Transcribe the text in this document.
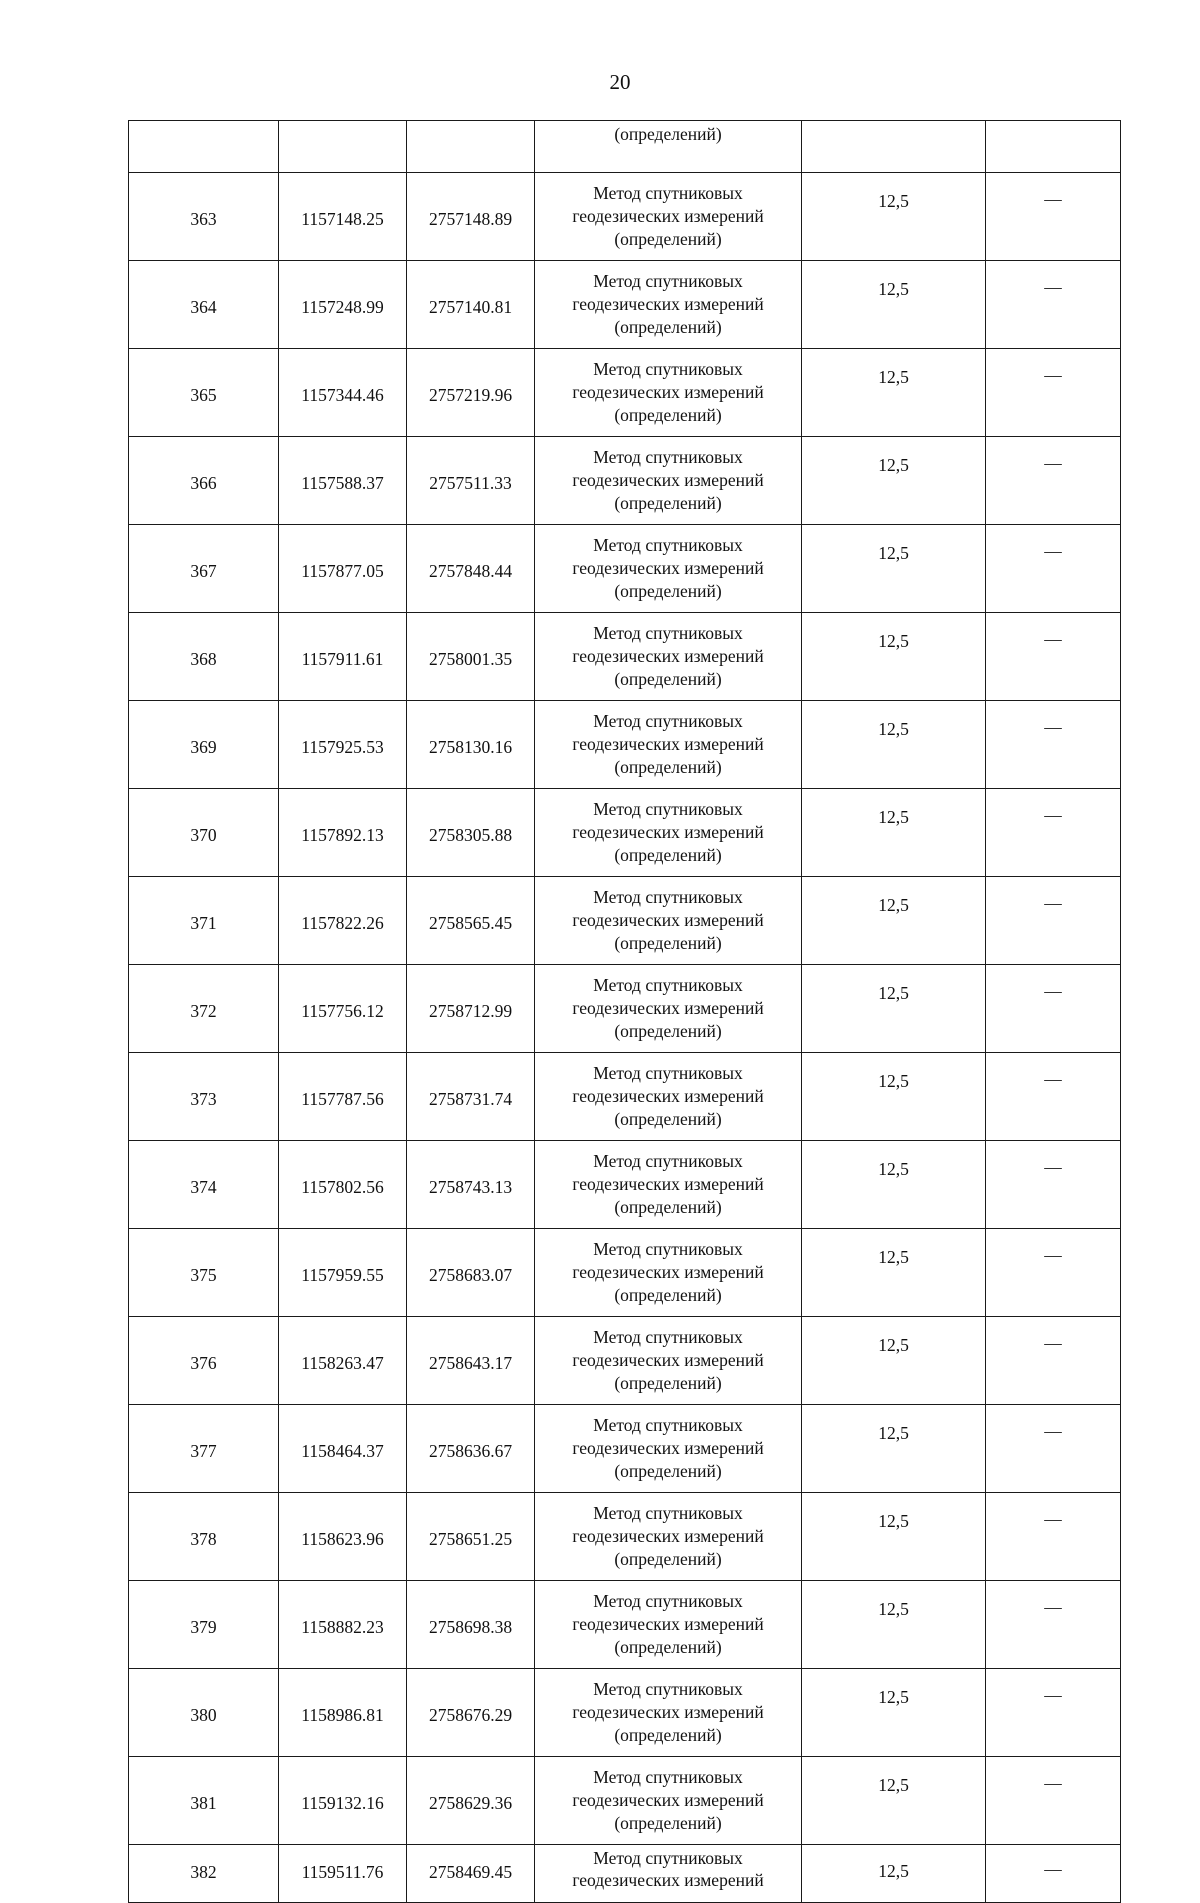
20
			(определений)		
363	1157148.25	2757148.89	Метод спутниковых
геодезических измерений
(определений)	12,5	—
364	1157248.99	2757140.81	Метод спутниковых
геодезических измерений
(определений)	12,5	—
365	1157344.46	2757219.96	Метод спутниковых
геодезических измерений
(определений)	12,5	—
366	1157588.37	2757511.33	Метод спутниковых
геодезических измерений
(определений)	12,5	—
367	1157877.05	2757848.44	Метод спутниковых
геодезических измерений
(определений)	12,5	—
368	1157911.61	2758001.35	Метод спутниковых
геодезических измерений
(определений)	12,5	—
369	1157925.53	2758130.16	Метод спутниковых
геодезических измерений
(определений)	12,5	—
370	1157892.13	2758305.88	Метод спутниковых
геодезических измерений
(определений)	12,5	—
371	1157822.26	2758565.45	Метод спутниковых
геодезических измерений
(определений)	12,5	—
372	1157756.12	2758712.99	Метод спутниковых
геодезических измерений
(определений)	12,5	—
373	1157787.56	2758731.74	Метод спутниковых
геодезических измерений
(определений)	12,5	—
374	1157802.56	2758743.13	Метод спутниковых
геодезических измерений
(определений)	12,5	—
375	1157959.55	2758683.07	Метод спутниковых
геодезических измерений
(определений)	12,5	—
376	1158263.47	2758643.17	Метод спутниковых
геодезических измерений
(определений)	12,5	—
377	1158464.37	2758636.67	Метод спутниковых
геодезических измерений
(определений)	12,5	—
378	1158623.96	2758651.25	Метод спутниковых
геодезических измерений
(определений)	12,5	—
379	1158882.23	2758698.38	Метод спутниковых
геодезических измерений
(определений)	12,5	—
380	1158986.81	2758676.29	Метод спутниковых
геодезических измерений
(определений)	12,5	—
381	1159132.16	2758629.36	Метод спутниковых
геодезических измерений
(определений)	12,5	—
382	1159511.76	2758469.45	Метод спутниковых
геодезических измерений	12,5	—
